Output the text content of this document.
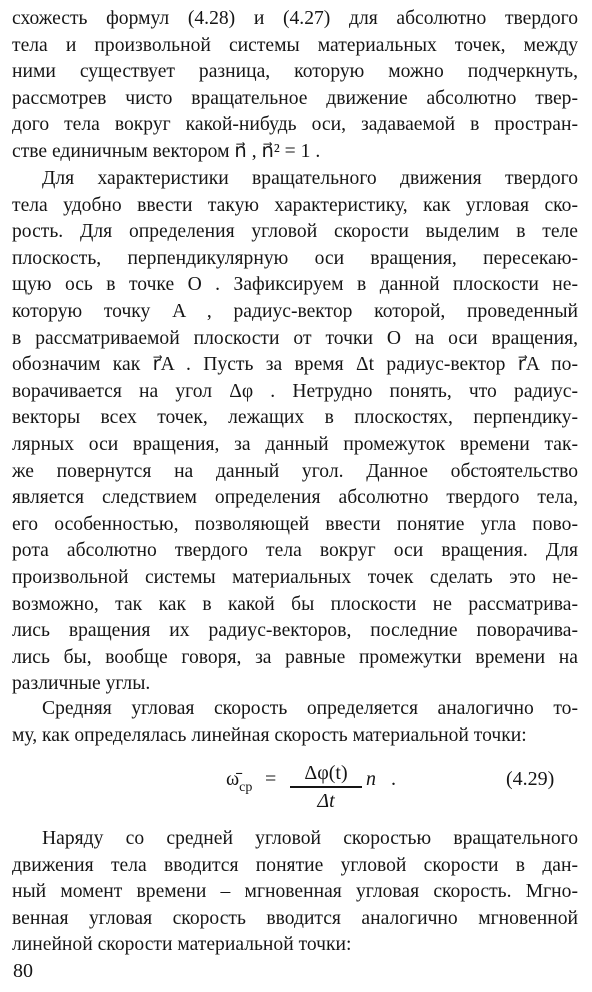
схожесть формул (4.28) и (4.27) для абсолютно твердого
тела и произвольной системы материальных точек, между
ними существует разница, которую можно подчеркнуть,
рассмотрев чисто вращательное движение абсолютно твер-
дого тела вокруг какой-нибудь оси, задаваемой в простран-
стве единичным вектором n⃗ , n⃗² = 1 .
Для характеристики вращательного движения твердого
тела удобно ввести такую характеристику, как угловая ско-
рость. Для определения угловой скорости выделим в теле
плоскость, перпендикулярную оси вращения, пересекаю-
щую ось в точке O . Зафиксируем в данной плоскости не-
которую точку A , радиус-вектор которой, проведенный
в рассматриваемой плоскости от точки O на оси вращения,
обозначим как r⃗A . Пусть за время Δt радиус-вектор r⃗A по-
ворачивается на угол Δφ . Нетрудно понять, что радиус-
векторы всех точек, лежащих в плоскостях, перпендику-
лярных оси вращения, за данный промежуток времени так-
же повернутся на данный угол. Данное обстоятельство
является следствием определения абсолютно твердого тела,
его особенностью, позволяющей ввести понятие угла пово-
рота абсолютно твердого тела вокруг оси вращения. Для
произвольной системы материальных точек сделать это не-
возможно, так как в какой бы плоскости не рассматрива-
лись вращения их радиус-векторов, последние поворачива-
лись бы, вообще говоря, за равные промежутки времени на
различные углы.
Средняя угловая скорость определяется аналогично то-
му, как определялась линейная скорость материальной точки:
$\omegā_{ср}$ =	Δφ(t)
Δt
n⃗.	(4.29)
Наряду со средней угловой скоростью вращательного
движения тела вводится понятие угловой скорости в дан-
ный момент времени – мгновенная угловая скорость. Мгно-
венная угловая скорость вводится аналогично мгновенной
линейной скорости материальной точки:
80
